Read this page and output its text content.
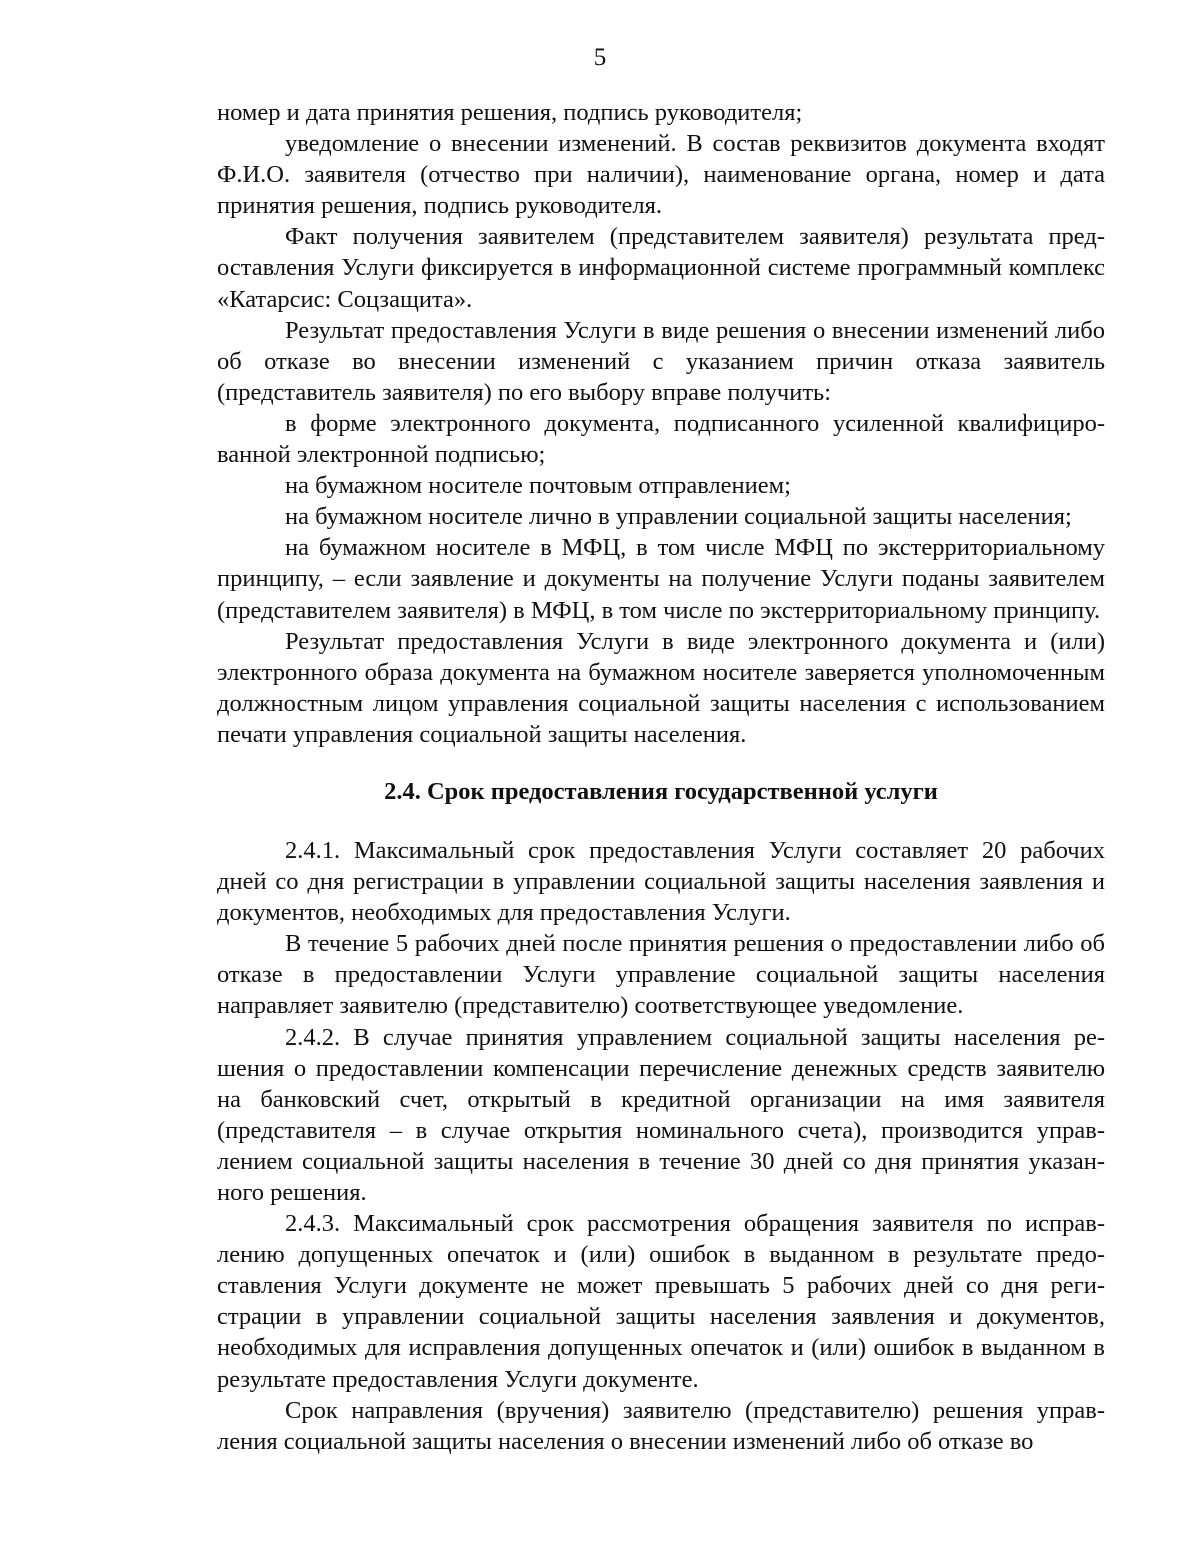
5

номер и дата принятия решения, подпись руководителя;

уведомление о внесении изменений. В состав реквизитов документа входят Ф.И.О. заявителя (отчество при наличии), наименование органа, номер и дата принятия решения, подпись руководителя.

Факт получения заявителем (представителем заявителя) результата предоставления Услуги фиксируется в информационной системе программный комплекс «Катарсис: Соцзащита».

Результат предоставления Услуги в виде решения о внесении изменений либо об отказе во внесении изменений с указанием причин отказа заявитель (представитель заявителя) по его выбору вправе получить:

в форме электронного документа, подписанного усиленной квалифицированной электронной подписью;

на бумажном носителе почтовым отправлением;

на бумажном носителе лично в управлении социальной защиты населения;

на бумажном носителе в МФЦ, в том числе МФЦ по экстерриториальному принципу, – если заявление и документы на получение Услуги поданы заявителем (представителем заявителя) в МФЦ, в том числе по экстерриториальному принципу.

Результат предоставления Услуги в виде электронного документа и (или) электронного образа документа на бумажном носителе заверяется уполномоченным должностным лицом управления социальной защиты населения с использованием печати управления социальной защиты населения.

2.4. Срок предоставления государственной услуги

2.4.1. Максимальный срок предоставления Услуги составляет 20 рабочих дней со дня регистрации в управлении социальной защиты населения заявления и документов, необходимых для предоставления Услуги.

В течение 5 рабочих дней после принятия решения о предоставлении либо об отказе в предоставлении Услуги управление социальной защиты населения направляет заявителю (представителю) соответствующее уведомление.

2.4.2. В случае принятия управлением социальной защиты населения решения о предоставлении компенсации перечисление денежных средств заявителю на банковский счет, открытый в кредитной организации на имя заявителя (представителя – в случае открытия номинального счета), производится управлением социальной защиты населения в течение 30 дней со дня принятия указанного решения.

2.4.3. Максимальный срок рассмотрения обращения заявителя по исправлению допущенных опечаток и (или) ошибок в выданном в результате предоставления Услуги документе не может превышать 5 рабочих дней со дня регистрации в управлении социальной защиты населения заявления и документов, необходимых для исправления допущенных опечаток и (или) ошибок в выданном в результате предоставления Услуги документе.

Срок направления (вручения) заявителю (представителю) решения управления социальной защиты населения о внесении изменений либо об отказе во
